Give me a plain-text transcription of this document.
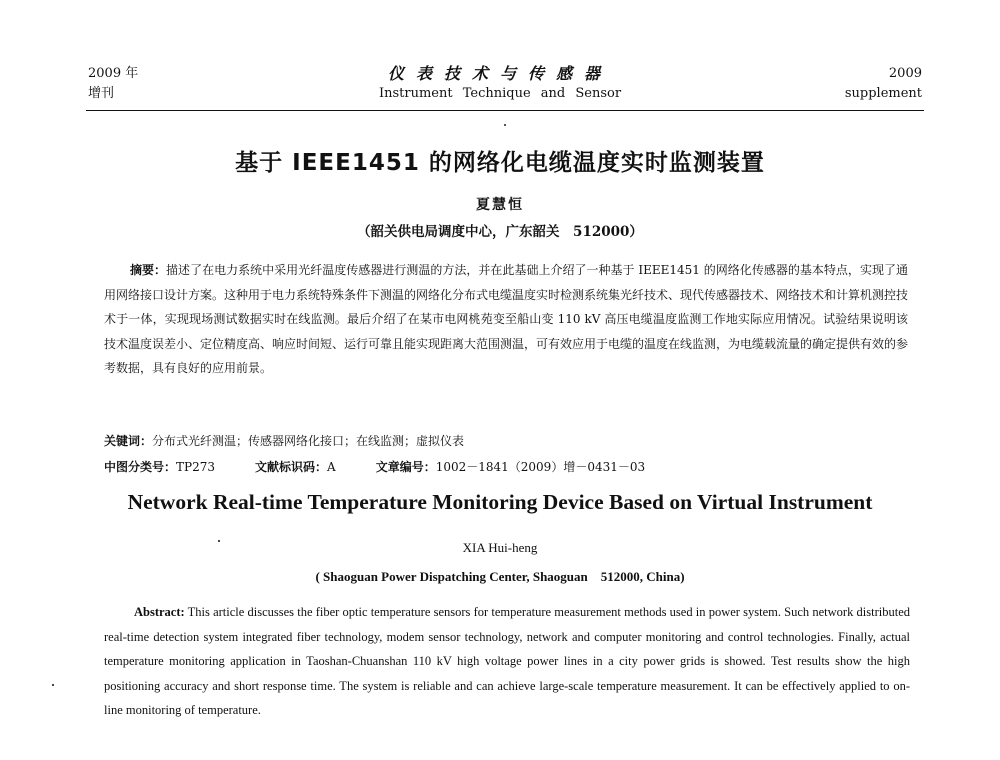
2009 年
增刊
仪表技术与传感器
Instrument Technique and Sensor
2009
supplement
基于 IEEE1451 的网络化电缆温度实时监测装置
夏慧恒
（韶关供电局调度中心，广东韶关　512000）
摘要：描述了在电力系统中采用光纤温度传感器进行测温的方法，并在此基础上介绍了一种基于 IEEE1451 的网络化传感器的基本特点，实现了通用网络接口设计方案。这种用于电力系统特殊条件下测温的网络化分布式电缆温度实时检测系统集光纤技术、现代传感器技术、网络技术和计算机测控技术于一体，实现现场测试数据实时在线监测。最后介绍了在某市电网桃苑变至船山变 110 kV 高压电缆温度监测工作地实际应用情况。试验结果说明该技术温度误差小、定位精度高、响应时间短、运行可靠且能实现距离大范围测温，可有效应用于电缆的温度在线监测，为电缆载流量的确定提供有效的参考数据，具有良好的应用前景。
关键词：分布式光纤测温；传感器网络化接口；在线监测；虚拟仪表
中图分类号：TP273	文献标识码：A	文章编号：1002－1841（2009）增－0431－03
Network Real-time Temperature Monitoring Device Based on Virtual Instrument
XIA Hui-heng
( Shaoguan Power Dispatching Center, Shaoguan　512000, China)
Abstract: This article discusses the fiber optic temperature sensors for temperature measurement methods used in power system. Such network distributed real-time detection system integrated fiber technology, modem sensor technology, network and computer monitoring and control technologies. Finally, actual temperature monitoring application in Taoshan-Chuanshan 110 kV high voltage power lines in a city power grids is showed. Test results show the high positioning accuracy and short response time. The system is reliable and can achieve large-scale temperature measurement. It can be effectively applied to on-line monitoring of temperature.
